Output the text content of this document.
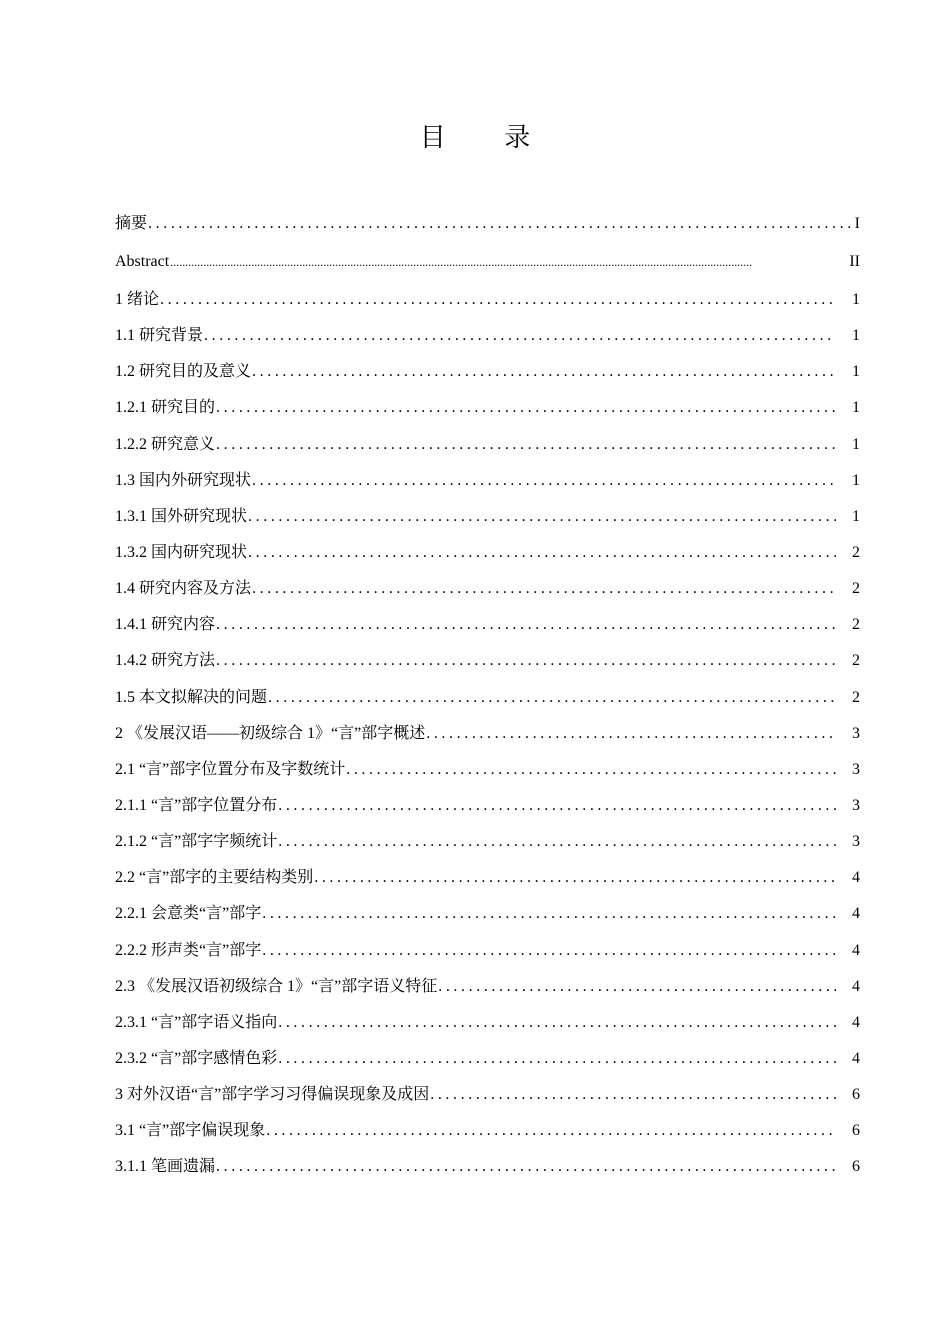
目 录
摘要 .....	I
Abstract .....	II
1 绪论 .....	1
1.1 研究背景 .....	1
1.2 研究目的及意义 .....	1
1.2.1 研究目的 .....	1
1.2.2 研究意义 .....	1
1.3 国内外研究现状 .....	1
1.3.1 国外研究现状 .....	1
1.3.2 国内研究现状 .....	2
1.4 研究内容及方法 .....	2
1.4.1 研究内容 .....	2
1.4.2 研究方法 .....	2
1.5 本文拟解决的问题 .....	2
2 《发展汉语——初级综合 1》“言”部字概述 .....	3
2.1 “言”部字位置分布及字数统计 .....	3
2.1.1 “言”部字位置分布 .....	3
2.1.2 “言”部字字频统计 .....	3
2.2 “言”部字的主要结构类别 .....	4
2.2.1 会意类“言”部字 .....	4
2.2.2 形声类“言”部字 .....	4
2.3 《发展汉语初级综合 1》“言”部字语义特征 .....	4
2.3.1 “言”部字语义指向 .....	4
2.3.2 “言”部字感情色彩 .....	4
3 对外汉语“言”部字学习习得偏误现象及成因 .....	6
3.1 “言”部字偏误现象 .....	6
3.1.1 笔画遗漏 .....	6
